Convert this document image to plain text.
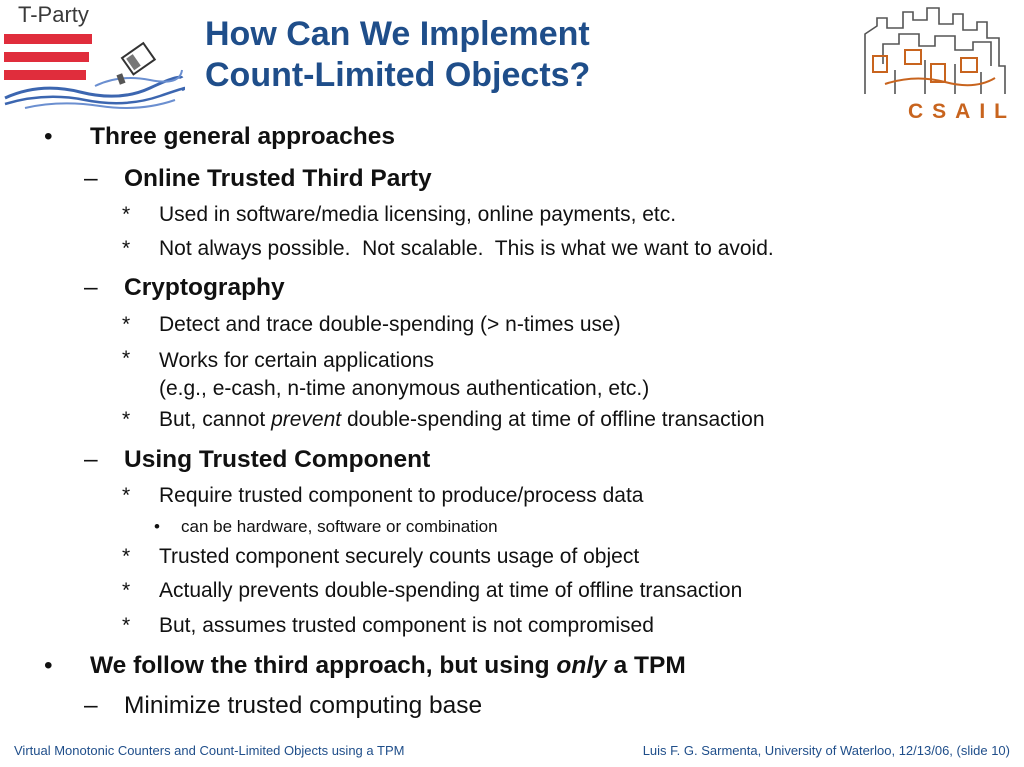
T-Party
CSAIL
How Can We Implement
Count-Limited Objects?
• Three general approaches
– Online Trusted Third Party
* Used in software/media licensing, online payments, etc.
* Not always possible.  Not scalable.  This is what we want to avoid.
– Cryptography
* Detect and trace double-spending (> n-times use)
* Works for certain applications
(e.g., e-cash, n-time anonymous authentication, etc.)
* But, cannot prevent double-spending at time of offline transaction
– Using Trusted Component
* Require trusted component to produce/process data
• can be hardware, software or combination
* Trusted component securely counts usage of object
* Actually prevents double-spending at time of offline transaction
* But, assumes trusted component is not compromised
• We follow the third approach, but using only a TPM
– Minimize trusted computing base
Virtual Monotonic Counters and Count-Limited Objects using a TPM	Luis F. G. Sarmenta, University of Waterloo, 12/13/06, (slide 10)
